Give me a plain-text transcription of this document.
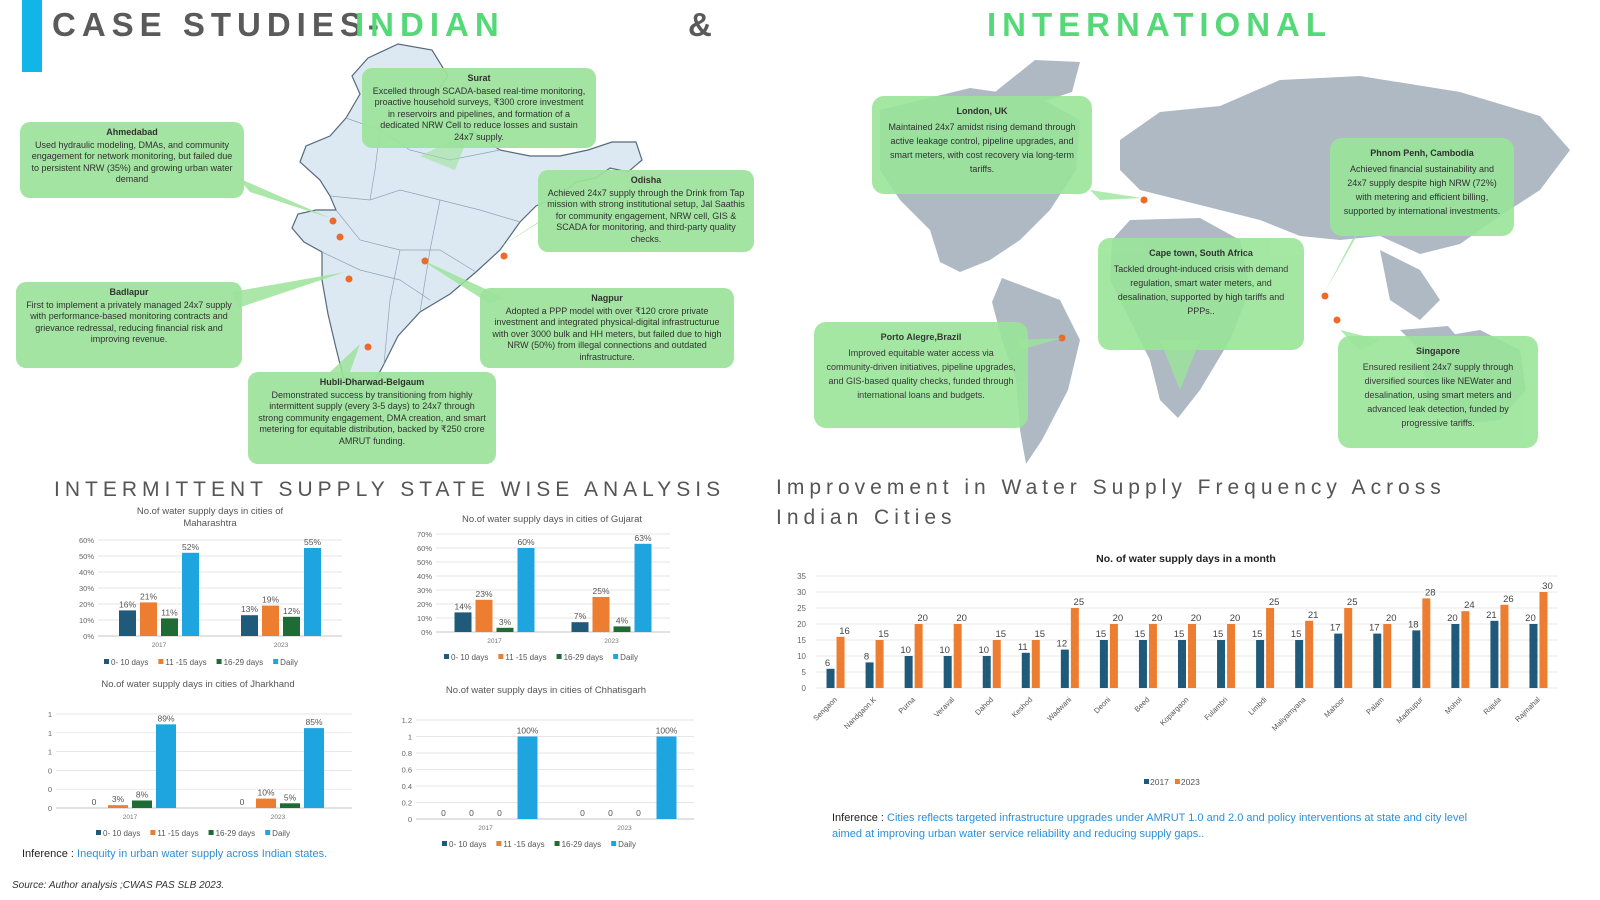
CASE STUDIES-
INDIAN	&	INTERNATIONAL
Surat
Excelled through SCADA-based real-time monitoring, proactive household surveys, ₹300 crore investment in reservoirs and pipelines, and formation of a dedicated NRW Cell to reduce losses and sustain 24x7 supply.
Ahmedabad
Used hydraulic modeling, DMAs, and community engagement for network monitoring, but failed due to persistent NRW (35%) and growing urban water demand	Odisha
Achieved 24x7 supply through the Drink from Tap mission with strong institutional setup, Jal Saathis for community engagement, NRW cell, GIS & SCADA for monitoring, and third-party quality checks.
Badlapur
First to implement a privately managed 24x7 supply with performance-based monitoring contracts and grievance redressal, reducing financial risk and improving revenue.
Nagpur
Adopted a PPP model with over ₹120 crore private investment and integrated physical-digital infrastructurue with over 3000 bulk and HH meters, but failed due to high NRW (50%) from illegal connections and outdated infrastructure.
Hubli-Dharwad-Belgaum
Demonstrated success by transitioning from highly intermittent supply (every 3-5 days) to 24x7 through strong community engagement, DMA creation, and smart metering for equitable distribution, backed by ₹250 crore AMRUT funding.
London, UK
Maintained 24x7 amidst rising demand through active leakage control, pipeline upgrades, and smart meters, with cost recovery via long-term tariffs.
Phnom Penh, Cambodia
Achieved financial sustainability and 24x7 supply despite high NRW (72%) with metering and efficient billing, supported by international investments.
Cape town, South Africa
Tackled drought-induced crisis with demand regulation, smart water meters, and desalination, supported by high tariffs and PPPs..
Porto Alegre,Brazil
Improved equitable water access via community-driven initiatives, pipeline upgrades, and GIS-based quality checks, funded through international loans and budgets.
Singapore
Ensured resilient 24x7 supply through diversified sources like NEWater and desalination, using smart meters and advanced leak detection, funded by progressive tariffs.
INTERMITTENT SUPPLY STATE WISE ANALYSIS Improvement in Water Supply Frequency Across
Indian Cities
No.of water supply days in cities of Maharashtra
0%
10%
20%
30%
40%
50%
60%
16%
21%
11%
52%
2017
13%
19%
12%
55%
2023
0- 10 days 11 -15 days 16-29 days Daily
No.of water supply days in cities of Gujarat
0%
10%
20%
30%
40%
50%
60%
70%
14%
23%
3%
60%
2017
7%
25%
4%
63%
2023
0- 10 days 11 -15 days 16-29 days Daily
No.of water supply days in cities of Jharkhand
0
0
0
1
1
1
0 3% 8%
89%
2017
0
10% 5%
85%
2023
0- 10 days 11 -15 days 16-29 days Daily
No.of water supply days in cities of Chhatisgarh
0
0.2
0.4
0.6
0.8
1
1.2
0	0	0
100%
2017
0	0	0
100%
2023
0- 10 days 11 -15 days 16-29 days Daily
No. of water supply days in a month
0
5
10
15
20
25
30
35
6
16
Sengaon
8
15
Nandgaon.K
10
20
Purna
10
20
Veraval
10
15
Dahod
11
15
Keshod
12
25
Wadwani
15
20
Deoni
15
20
Beed
15
20
Kopargaon
15
20
Fulambri
15
25
Limbdi
15
21
Maliyamyana
17
25
Mahoor
17
20
Palam
18
28
Madhupur
20
24
Mohol
21
26
Rajula
20
30
Rajmahal
2017 2023
Inference : Inequity in urban water supply across Indian states.
Inference : Cities reflects targeted infrastructure upgrades under AMRUT 1.0 and 2.0 and policy interventions at state and city level aimed at improving urban water service reliability and reducing supply gaps..
Source: Author analysis ;CWAS PAS SLB 2023.
